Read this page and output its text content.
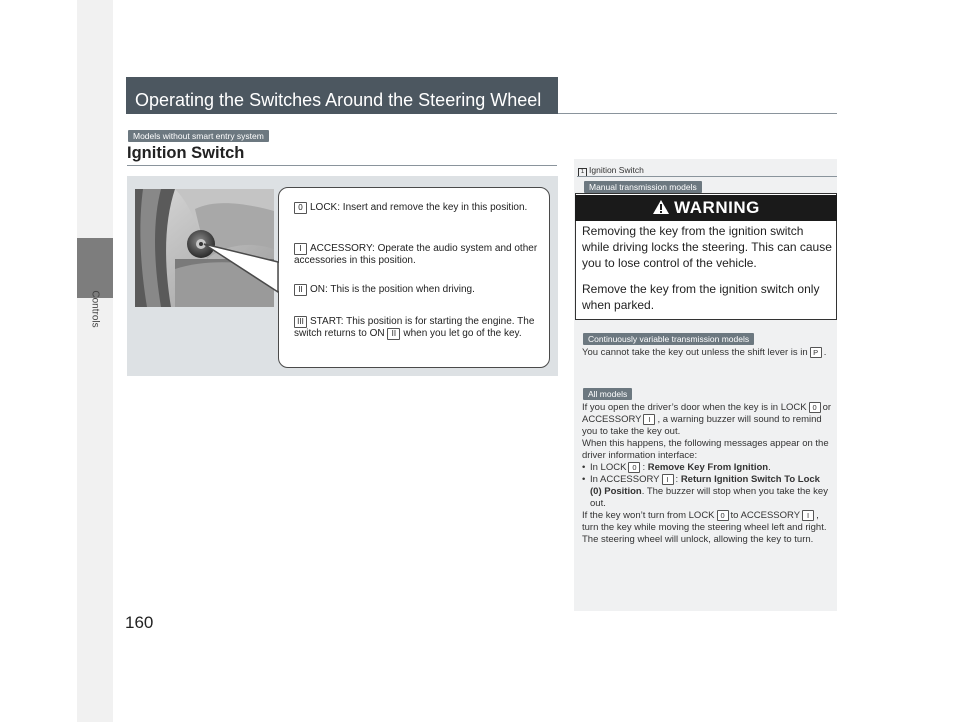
Controls
160
Operating the Switches Around the Steering Wheel
Models without smart entry system
Ignition Switch
0 LOCK: Insert and remove the key in this position.
I ACCESSORY: Operate the audio system and other accessories in this position.
II ON: This is the position when driving.
III START: This position is for starting the engine. The switch returns to ON II when you let go of the key.
1 Ignition Switch
Manual transmission models
WARNING
Removing the key from the ignition switch while driving locks the steering. This can cause you to lose control of the vehicle.
Remove the key from the ignition switch only when parked.
Continuously variable transmission models
You cannot take the key out unless the shift lever is in P .
All models

If you open the driver’s door when the key is in LOCK 0 or ACCESSORY I , a warning buzzer will sound to remind you to take the key out.

When this happens, the following messages appear on the driver information interface:

• In LOCK 0 : Remove Key From Ignition.

• In ACCESSORY I : Return Ignition Switch To Lock (0) Position. The buzzer will stop when you take the key out.

If the key won’t turn from LOCK 0 to ACCESSORY I , turn the key while moving the steering wheel left and right. The steering wheel will unlock, allowing the key to turn.
